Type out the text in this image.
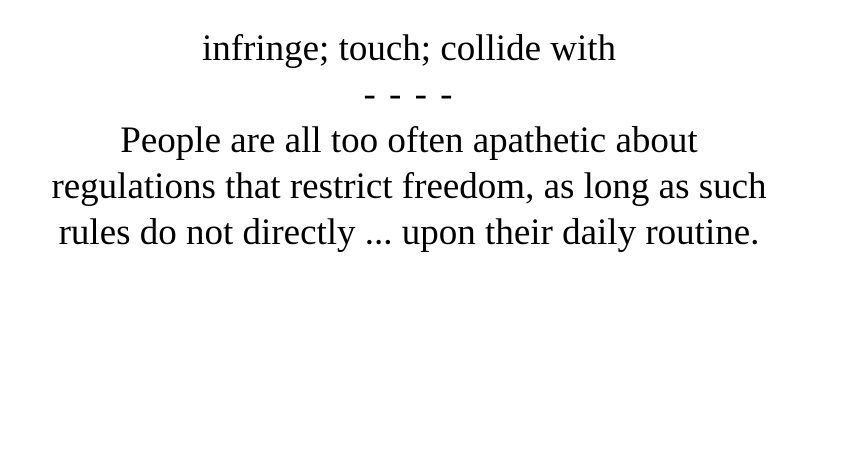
infringe; touch; collide with

- - - -

People are all too often apathetic about regulations that restrict freedom, as long as such rules do not directly ... upon their daily routine.
